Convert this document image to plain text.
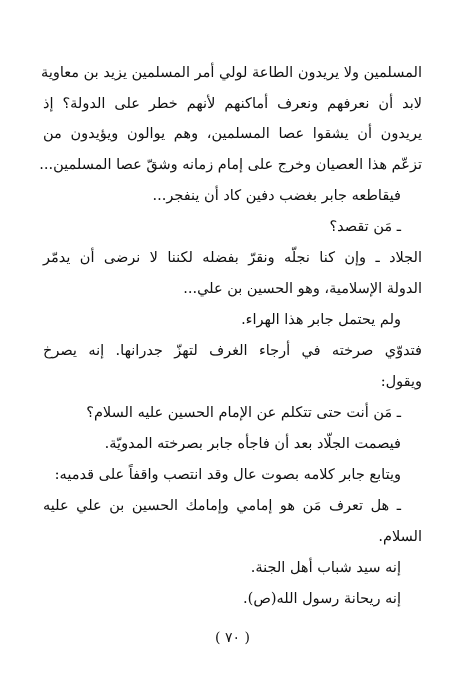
المسلمين ولا يريدون الطاعة لولي أمر المسلمين يزيد بن معاوية
لابد أن نعرفهم ونعرف أماكنهم لأنهم خطر على الدولة؟ إذ
يريدون أن يشقوا عصا المسلمين، وهم يوالون ويؤيدون من
تزعّم هذا العصيان وخرج على إمام زمانه وشقّ عصا المسلمين...
فيقاطعه جابر بغضب دفين كاد أن ينفجر...
ـ مَن تقصد؟
الجلاد ـ وإن كنا نجلّه ونقرّ بفضله لكننا لا نرضى أن يدمّر
الدولة الإسلامية، وهو الحسين بن علي...
ولم يحتمل جابر هذا الهراء.
فتدوّي صرخته في أرجاء الغرف لتهزّ جدرانها. إنه يصرخ
ويقول:
ـ مَن أنت حتى تتكلم عن الإمام الحسين عليه السلام؟
فيصمت الجلّاد بعد أن فاجأه جابر بصرخته المدويّة.
ويتابع جابر كلامه بصوت عال وقد انتصب واقفاً على قدميه:
ـ هل تعرف مَن هو إمامي وإمامك الحسين بن علي عليه
السلام.
إنه سيد شباب أهل الجنة.
إنه ريحانة رسول الله(ص).
( ٧٠ )
